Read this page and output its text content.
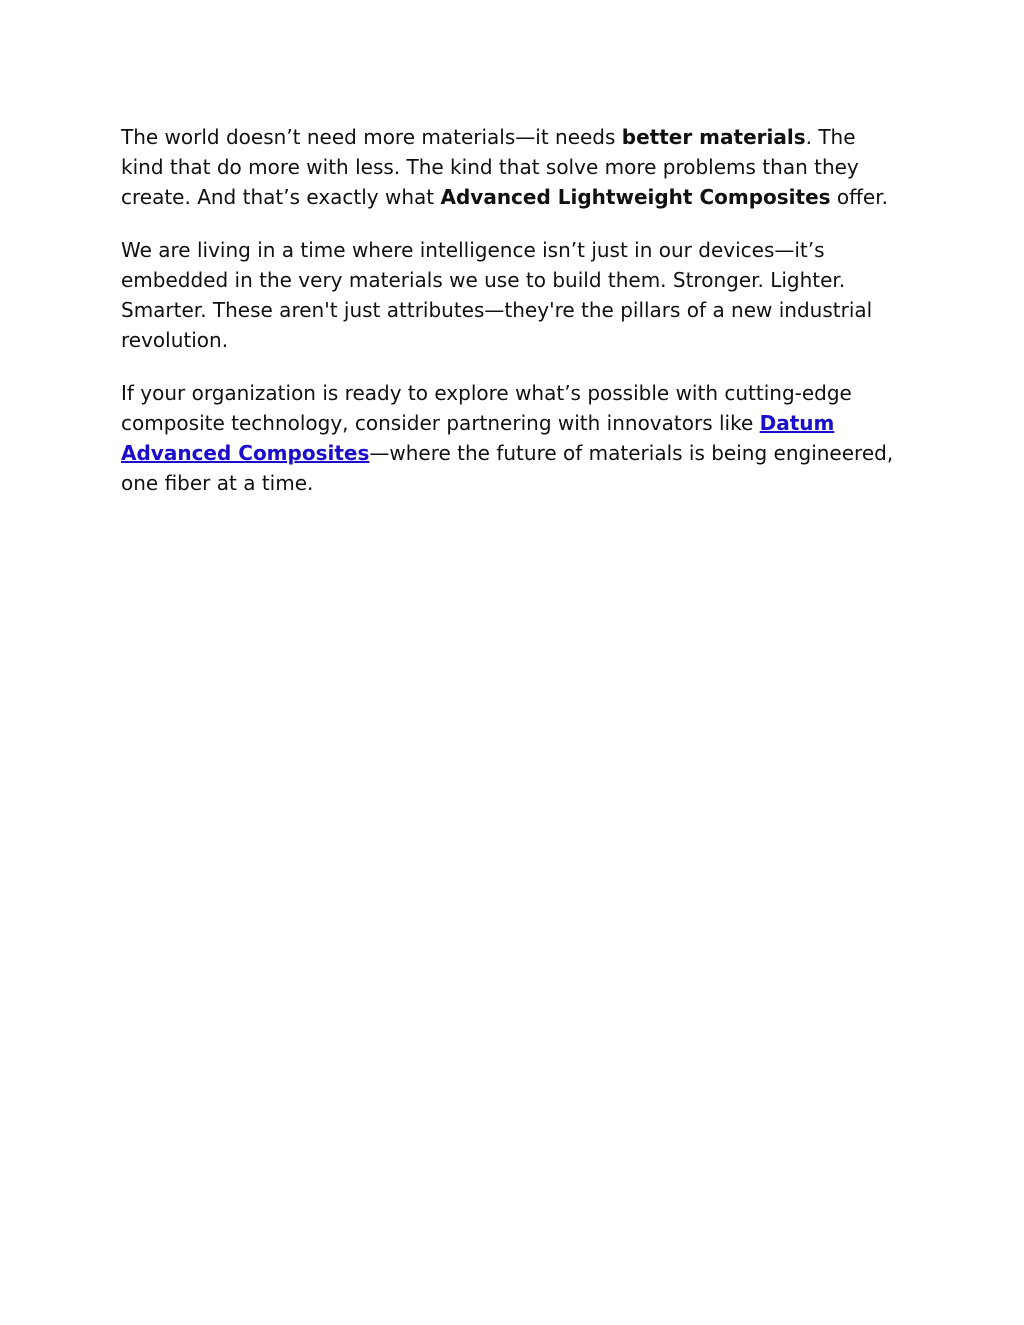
The world doesn’t need more materials—it needs better materials. The kind that do more with less. The kind that solve more problems than they create. And that’s exactly what Advanced Lightweight Composites offer.

We are living in a time where intelligence isn’t just in our devices—it’s embedded in the very materials we use to build them. Stronger. Lighter. Smarter. These aren't just attributes—they're the pillars of a new industrial revolution.

If your organization is ready to explore what’s possible with cutting-edge composite technology, consider partnering with innovators like Datum Advanced Composites—where the future of materials is being engineered, one fiber at a time.
